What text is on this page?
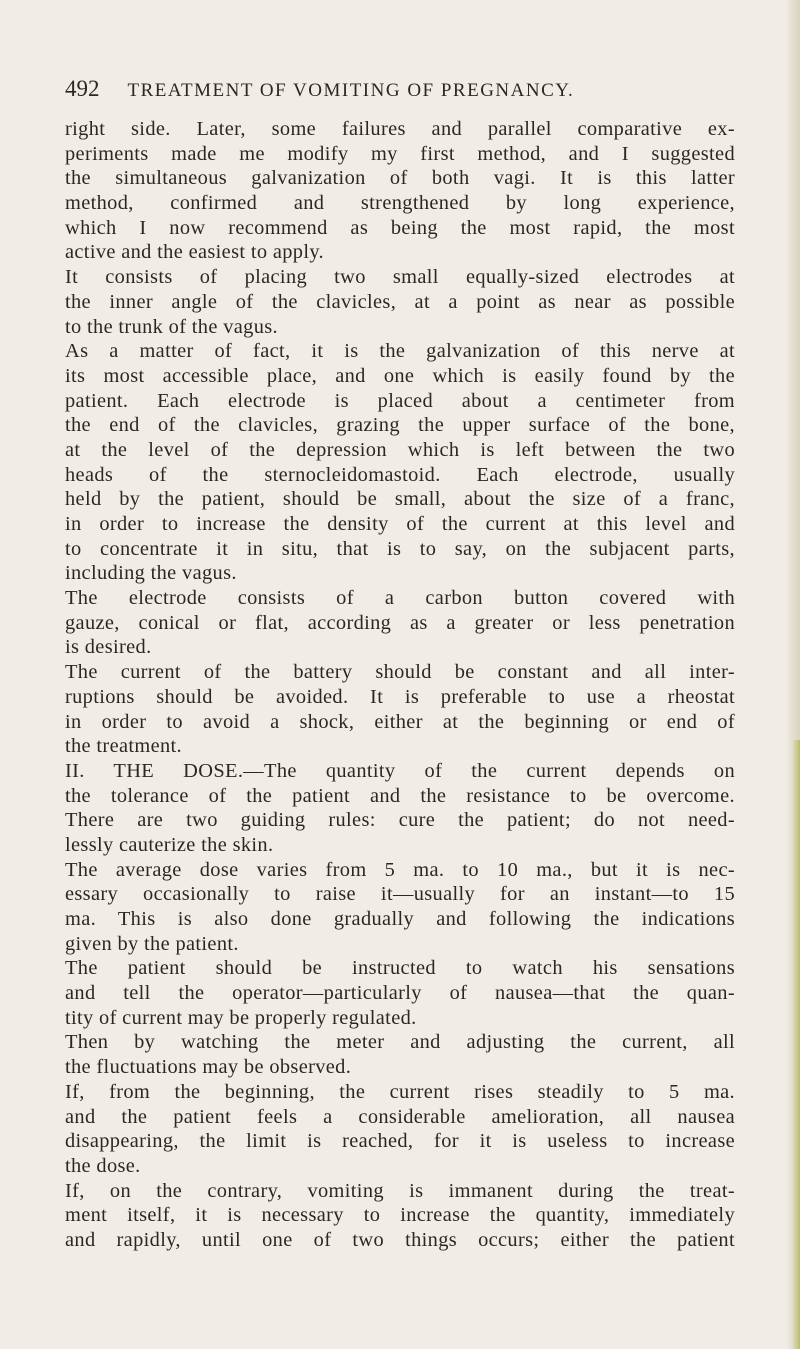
492 TREATMENT OF VOMITING OF PREGNANCY.
right side. Later, some failures and parallel comparative ex-
periments made me modify my first method, and I suggested
the simultaneous galvanization of both vagi. It is this latter
method, confirmed and strengthened by long experience,
which I now recommend as being the most rapid, the most
active and the easiest to apply.
It consists of placing two small equally-sized electrodes at
the inner angle of the clavicles, at a point as near as possible
to the trunk of the vagus.
As a matter of fact, it is the galvanization of this nerve at
its most accessible place, and one which is easily found by the
patient. Each electrode is placed about a centimeter from
the end of the clavicles, grazing the upper surface of the bone,
at the level of the depression which is left between the two
heads of the sternocleidomastoid. Each electrode, usually
held by the patient, should be small, about the size of a franc,
in order to increase the density of the current at this level and
to concentrate it in situ, that is to say, on the subjacent parts,
including the vagus.
The electrode consists of a carbon button covered with
gauze, conical or flat, according as a greater or less penetration
is desired.
The current of the battery should be constant and all inter-
ruptions should be avoided. It is preferable to use a rheostat
in order to avoid a shock, either at the beginning or end of
the treatment.
II. THE DOSE.—The quantity of the current depends on
the tolerance of the patient and the resistance to be overcome.
There are two guiding rules: cure the patient; do not need-
lessly cauterize the skin.
The average dose varies from 5 ma. to 10 ma., but it is nec-
essary occasionally to raise it—usually for an instant—to 15
ma. This is also done gradually and following the indications
given by the patient.
The patient should be instructed to watch his sensations
and tell the operator—particularly of nausea—that the quan-
tity of current may be properly regulated.
Then by watching the meter and adjusting the current, all
the fluctuations may be observed.
If, from the beginning, the current rises steadily to 5 ma.
and the patient feels a considerable amelioration, all nausea
disappearing, the limit is reached, for it is useless to increase
the dose.
If, on the contrary, vomiting is immanent during the treat-
ment itself, it is necessary to increase the quantity, immediately
and rapidly, until one of two things occurs; either the patient
